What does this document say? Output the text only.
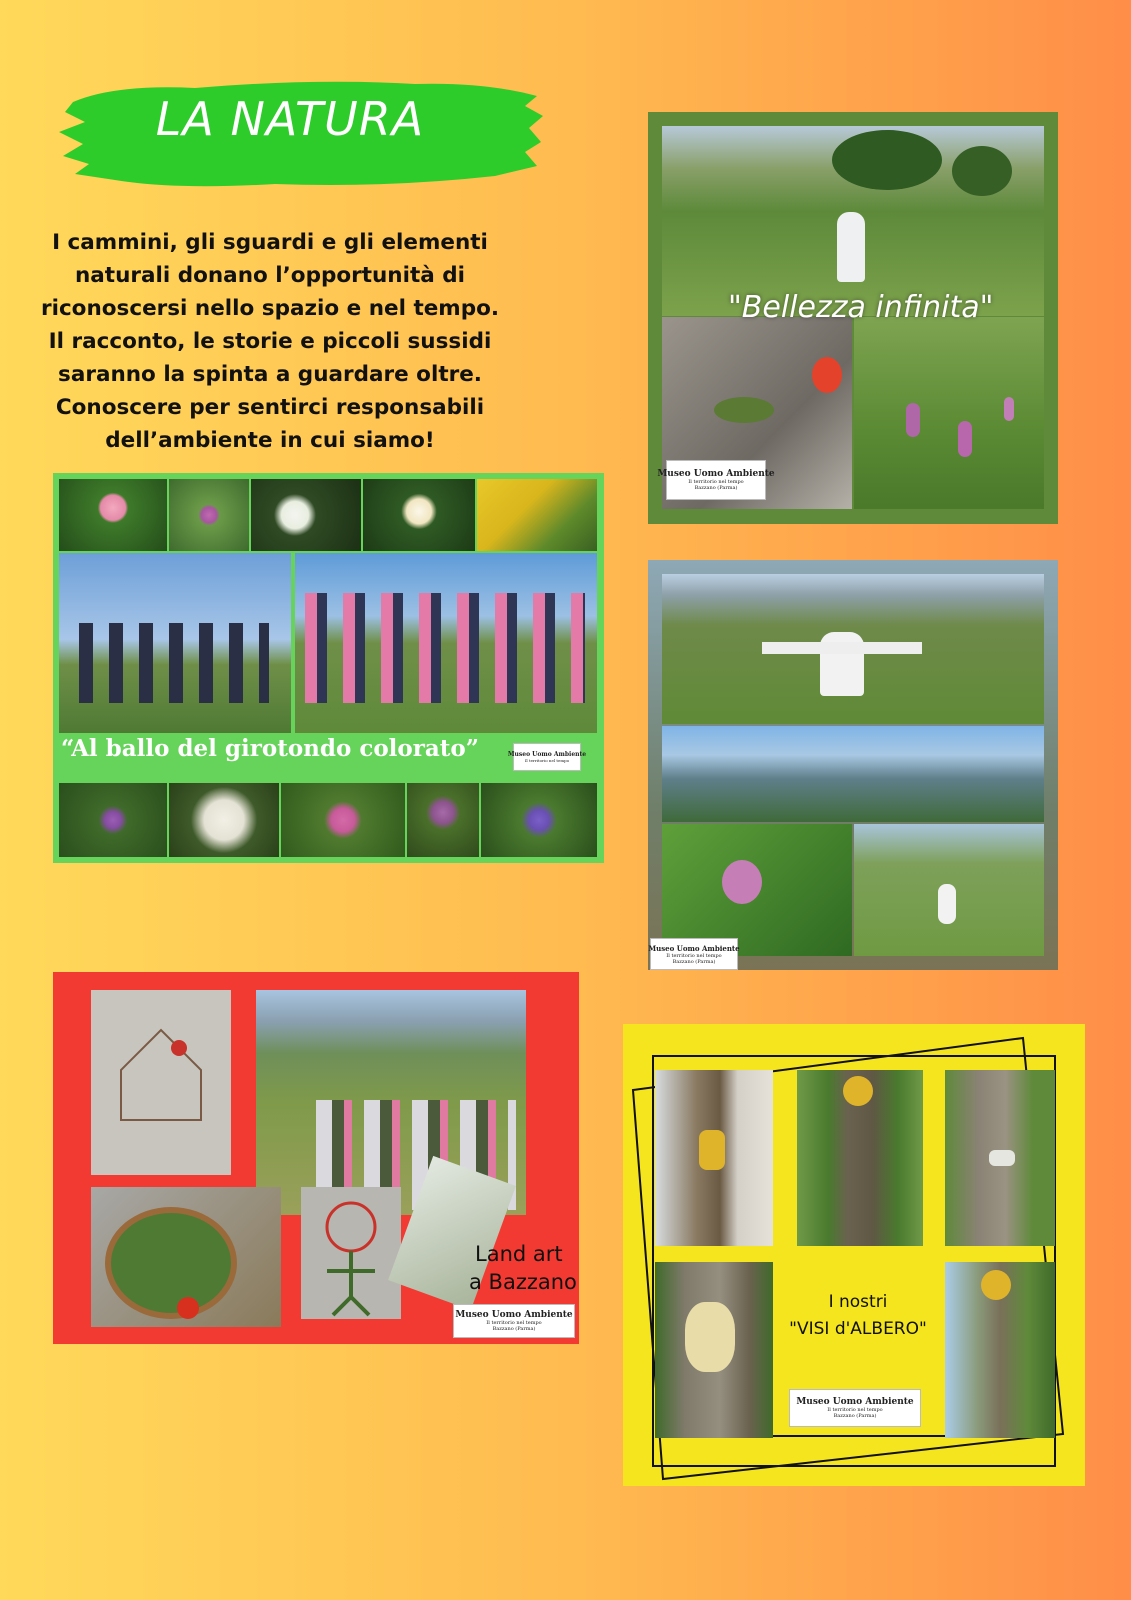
LA NATURA
I cammini, gli sguardi e gli elementi
naturali donano l’opportunità di
riconoscersi nello spazio e nel tempo.
Il racconto, le storie e piccoli sussidi
saranno la spinta a guardare oltre.
Conoscere per sentirci responsabili
dell’ambiente in cui siamo!
"Bellezza infinita"
Museo Uomo Ambiente
Il territorio nel tempo
Bazzano (Parma)
“Al ballo del girotondo colorato”	Museo Uomo Ambiente
Il territorio nel tempo
Museo Uomo Ambiente
Il territorio nel tempo
Bazzano (Parma)
Land art
a Bazzano
Museo Uomo Ambiente
Il territorio nel tempo
Bazzano (Parma)
I nostri
"VISI d'ALBERO"
Museo Uomo Ambiente
Il territorio nel tempo
Bazzano (Parma)
